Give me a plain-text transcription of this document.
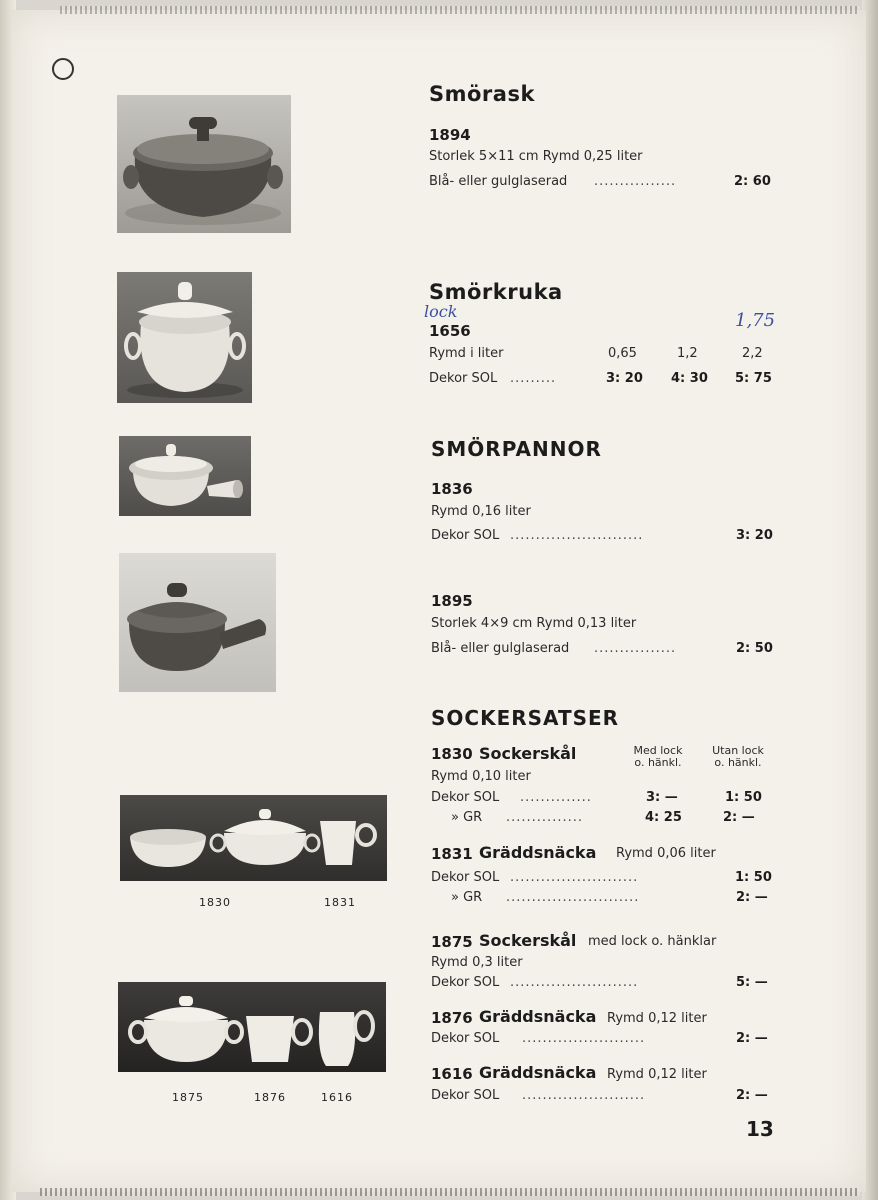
1830	1831
1875	1876	1616
Smörask
1894
Storlek 5×11 cm Rymd 0,25 liter
Blå- eller gulglaserad ................	2: 60
Smörkruka
lock
1656	1,75
Rymd i liter	0,65	1,2	2,2
Dekor SOL .........	3: 20 4: 30 5: 75
SMÖRPANNOR
1836
Rymd 0,16 liter
Dekor SOL ..........................	3: 20
1895
Storlek 4×9 cm Rymd 0,13 liter
Blå- eller gulglaserad ................	2: 50
SOCKERSATSER
1830 Sockerskål	Med lock
o. hänkl.
Utan lock
o. hänkl.
Rymd 0,10 liter
Dekor SOL ..............	3: —	1: 50
» GR ...............	4: 25	2: —
1831 Gräddsnäcka Rymd 0,06 liter
Dekor SOL .........................	1: 50
» GR ..........................	2: —
1875 Sockerskål med lock o. hänklar
Rymd 0,3 liter
Dekor SOL .........................	5: —
1876 Gräddsnäcka Rymd 0,12 liter
Dekor SOL ........................	2: —
1616 Gräddsnäcka Rymd 0,12 liter
Dekor SOL ........................	2: —
13
